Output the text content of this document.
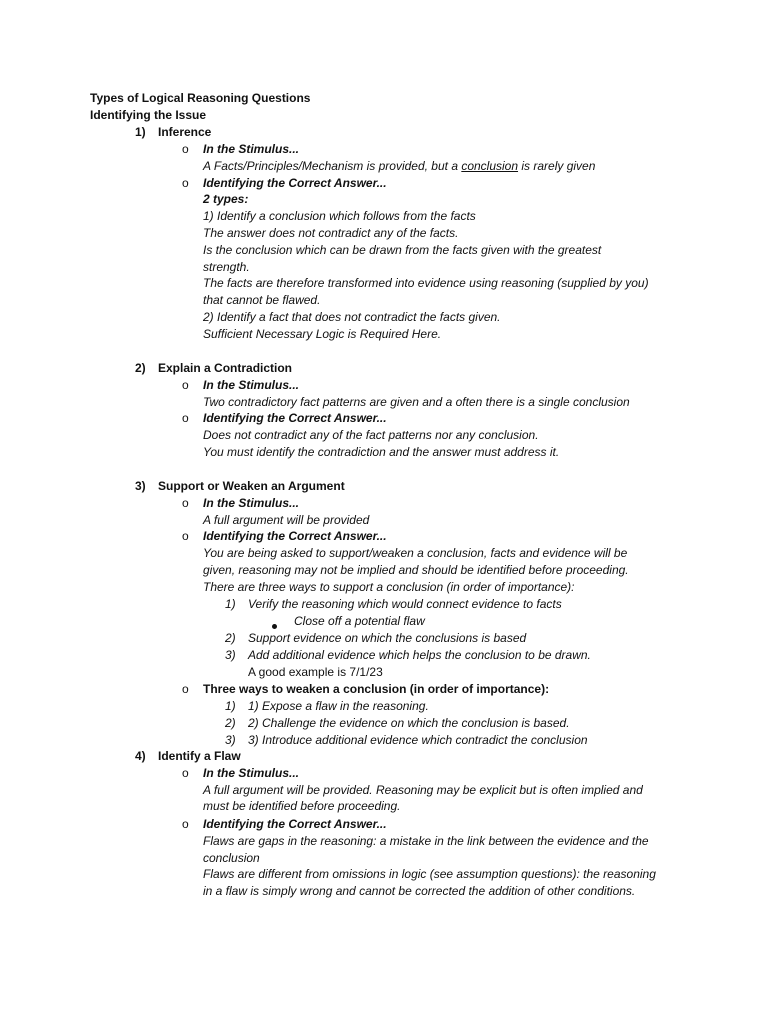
Types of Logical Reasoning Questions
Identifying the Issue
1) Inference
o In the Stimulus...
A Facts/Principles/Mechanism is provided, but a conclusion is rarely given
o Identifying the Correct Answer...
2 types:
1) Identify a conclusion which follows from the facts
The answer does not contradict any of the facts.
Is the conclusion which can be drawn from the facts given with the greatest
strength.
The facts are therefore transformed into evidence using reasoning (supplied by you)
that cannot be flawed.
2) Identify a fact that does not contradict the facts given.
Sufficient Necessary Logic is Required Here.
2) Explain a Contradiction
o In the Stimulus...
Two contradictory fact patterns are given and a often there is a single conclusion
o Identifying the Correct Answer...
Does not contradict any of the fact patterns nor any conclusion.
You must identify the contradiction and the answer must address it.
3) Support or Weaken an Argument
o In the Stimulus...
A full argument will be provided
o Identifying the Correct Answer...
You are being asked to support/weaken a conclusion, facts and evidence will be
given, reasoning may not be implied and should be identified before proceeding.
There are three ways to support a conclusion (in order of importance):
1) Verify the reasoning which would connect evidence to facts
Close off a potential flaw
2) Support evidence on which the conclusions is based
3) Add additional evidence which helps the conclusion to be drawn.
A good example is 7/1/23
o Three ways to weaken a conclusion (in order of importance):
1) 1) Expose a flaw in the reasoning.
2) 2) Challenge the evidence on which the conclusion is based.
3) 3) Introduce additional evidence which contradict the conclusion
4) Identify a Flaw
o In the Stimulus...
A full argument will be provided. Reasoning may be explicit but is often implied and
must be identified before proceeding.
o Identifying the Correct Answer...
Flaws are gaps in the reasoning: a mistake in the link between the evidence and the
conclusion
Flaws are different from omissions in logic (see assumption questions): the reasoning
in a flaw is simply wrong and cannot be corrected the addition of other conditions.
